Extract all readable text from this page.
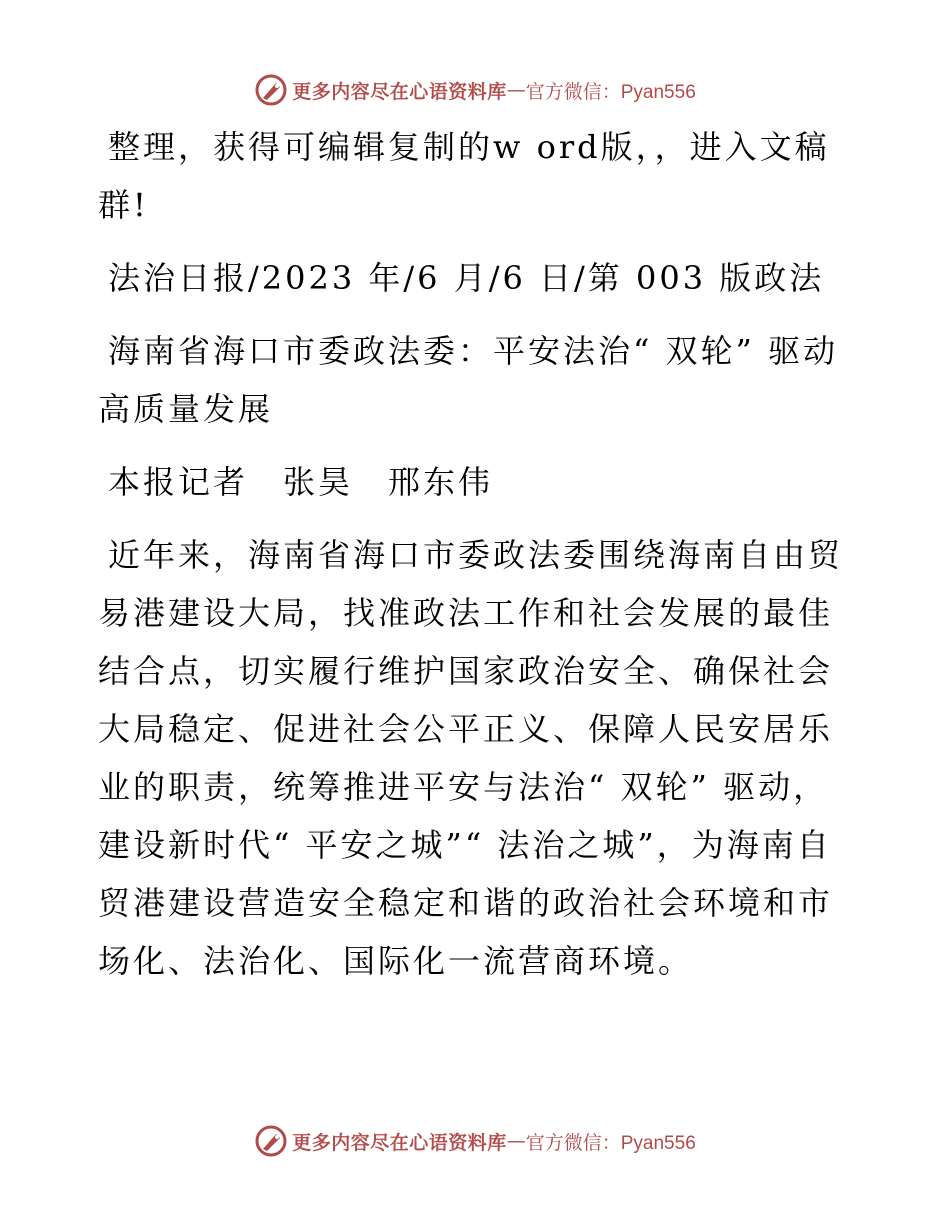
更多内容尽在心语资料库 — 官方微信：Pyan556

整理，获得可编辑复制的w ord版，，进入文稿群!

法治日报/2023 年/6 月/6 日/第 003 版政法

海南省海口市委政法委：平安法治“ 双轮” 驱动高质量发展

本报记者　张昊　邢东伟

近年来，海南省海口市委政法委围绕海南自由贸易港建设大局，找准政法工作和社会发展的最佳结合点，切实履行维护国家政治安全、确保社会大局稳定、促进社会公平正义、保障人民安居乐业的职责，统筹推进平安与法治“ 双轮” 驱动，建设新时代“ 平安之城”“ 法治之城”，为海南自贸港建设营造安全稳定和谐的政治社会环境和市场化、法治化、国际化一流营商环境。

更多内容尽在心语资料库 — 官方微信：Pyan556
